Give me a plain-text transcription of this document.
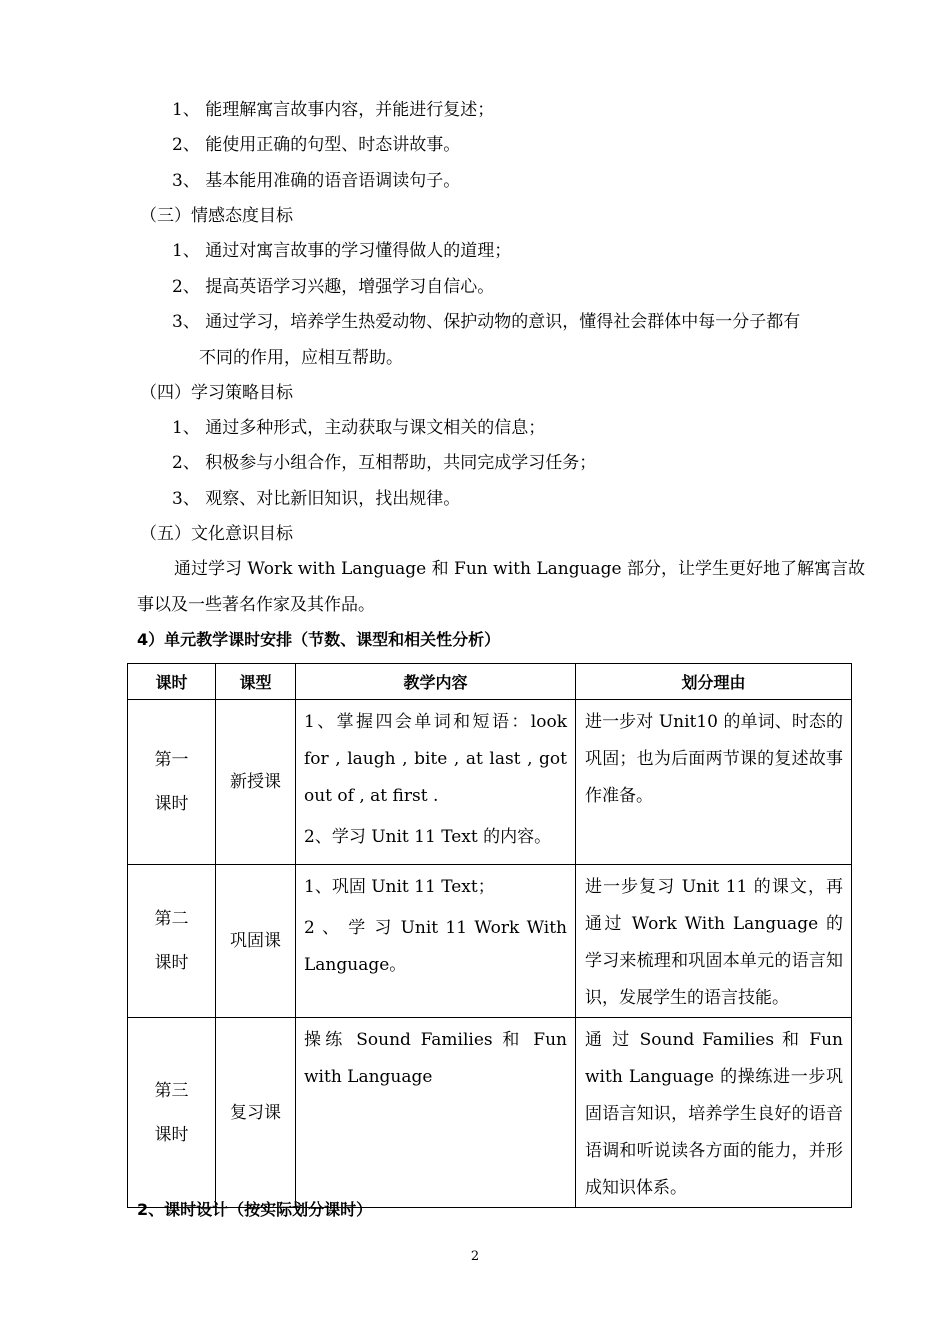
1、 能理解寓言故事内容，并能进行复述；
2、 能使用正确的句型、时态讲故事。
3、 基本能用准确的语音语调读句子。
（三）情感态度目标
1、 通过对寓言故事的学习懂得做人的道理；
2、 提高英语学习兴趣，增强学习自信心。
3、 通过学习，培养学生热爱动物、保护动物的意识，懂得社会群体中每一分子都有
不同的作用，应相互帮助。
（四）学习策略目标
1、 通过多种形式，主动获取与课文相关的信息；
2、 积极参与小组合作，互相帮助，共同完成学习任务；
3、 观察、对比新旧知识，找出规律。
（五）文化意识目标
通过学习 Work with Language 和 Fun with Language 部分，让学生更好地了解寓言故
事以及一些著名作家及其作品。
4）单元教学课时安排（节数、课型和相关性分析）
课时	课型	教学内容	划分理由
第一课时	新授课	1、掌握四会单词和短语：look for , laugh , bite , at last , got out of , at first .
2、学习 Unit 11 Text 的内容。	进一步对 Unit10 的单词、时态的巩固；也为后面两节课的复述故事作准备。
第二课时	巩固课	1、巩固 Unit 11 Text；
2 、 学 习 Unit 11 Work With Language。	进一步复习 Unit 11 的课文，再通过 Work With Language 的学习来梳理和巩固本单元的语言知识，发展学生的语言技能。
第三课时	复习课	操练 Sound Families 和 Fun with Language	通 过 Sound Families 和 Fun with Language 的操练进一步巩固语言知识，培养学生良好的语音语调和听说读各方面的能力，并形成知识体系。
2、课时设计（按实际划分课时）
2
